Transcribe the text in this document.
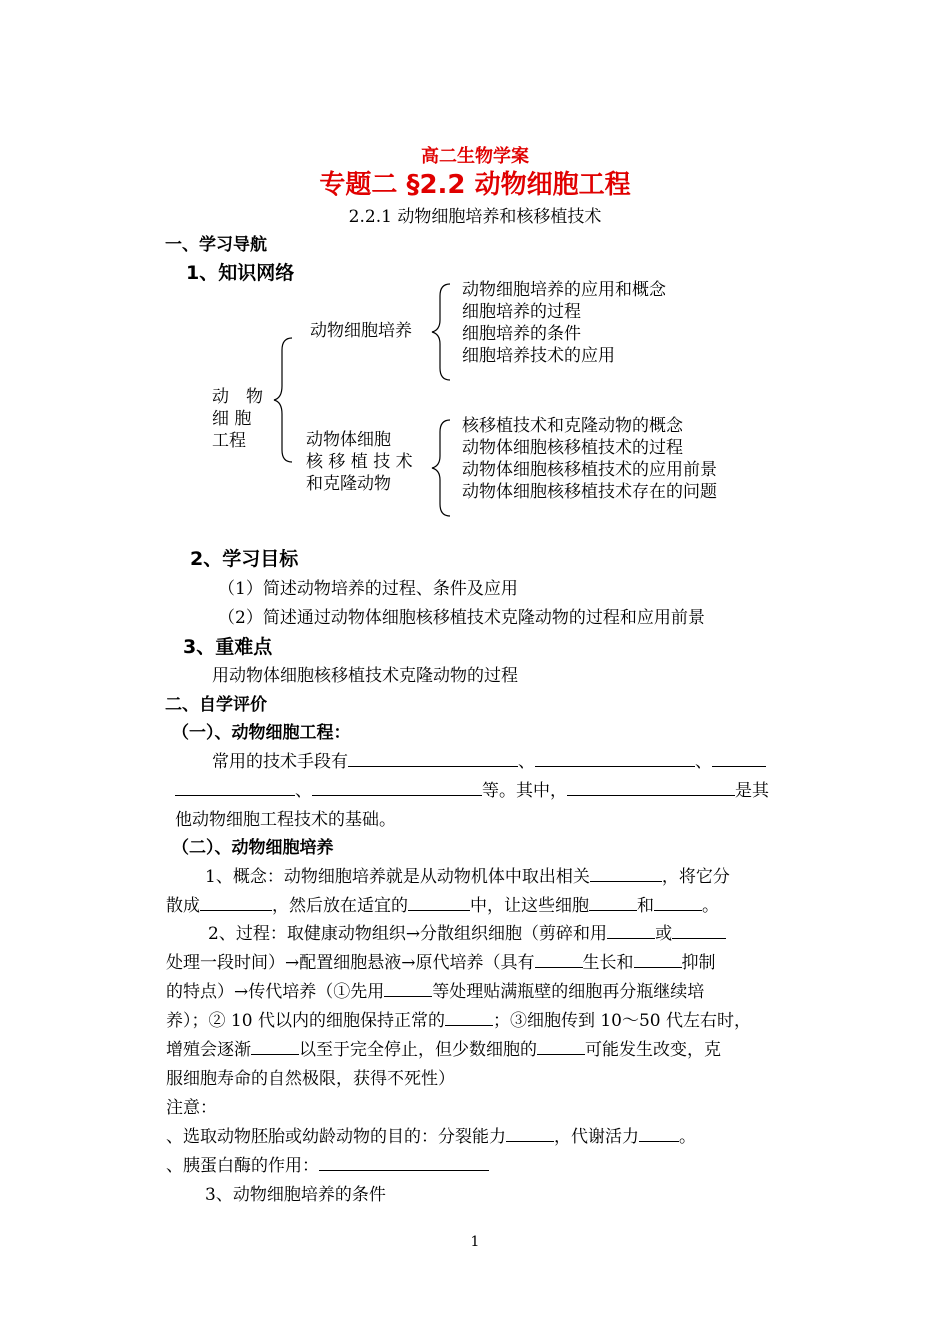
高二生物学案
专题二 §2.2 动物细胞工程
2.2.1 动物细胞培养和核移植技术
一、学习导航
1、知识网络
动　物
细 胞
工程
动物细胞培养
动物细胞培养的应用和概念
细胞培养的过程
细胞培养的条件
细胞培养技术的应用
动物体细胞
核 移 植 技 术
和克隆动物
核移植技术和克隆动物的概念
动物体细胞核移植技术的过程
动物体细胞核移植技术的应用前景
动物体细胞核移植技术存在的问题
2、学习目标
（1）简述动物培养的过程、条件及应用
（2）简述通过动物体细胞核移植技术克隆动物的过程和应用前景
3、重难点
用动物体细胞核移植技术克隆动物的过程
二、自学评价
（一）、动物细胞工程：
常用的技术手段有	、	、
、	等。其中，	是其
他动物细胞工程技术的基础。
（二）、动物细胞培养
1、概念：动物细胞培养就是从动物机体中取出相关	，将它分
散成	，然后放在适宜的	中，让这些细胞	和	。
2、过程：取健康动物组织→分散组织细胞（剪碎和用	或
处理一段时间）→配置细胞悬液→原代培养（具有	生长和	抑制
的特点）→传代培养（①先用	等处理贴满瓶壁的细胞再分瓶继续培
养）；② 10 代以内的细胞保持正常的	；③细胞传到 10～50 代左右时，
增殖会逐渐	以至于完全停止，但少数细胞的	可能发生改变，克
服细胞寿命的自然极限，获得不死性）
注意：
、选取动物胚胎或幼龄动物的目的：分裂能力	，代谢活力 。
、胰蛋白酶的作用：
3、动物细胞培养的条件
1
